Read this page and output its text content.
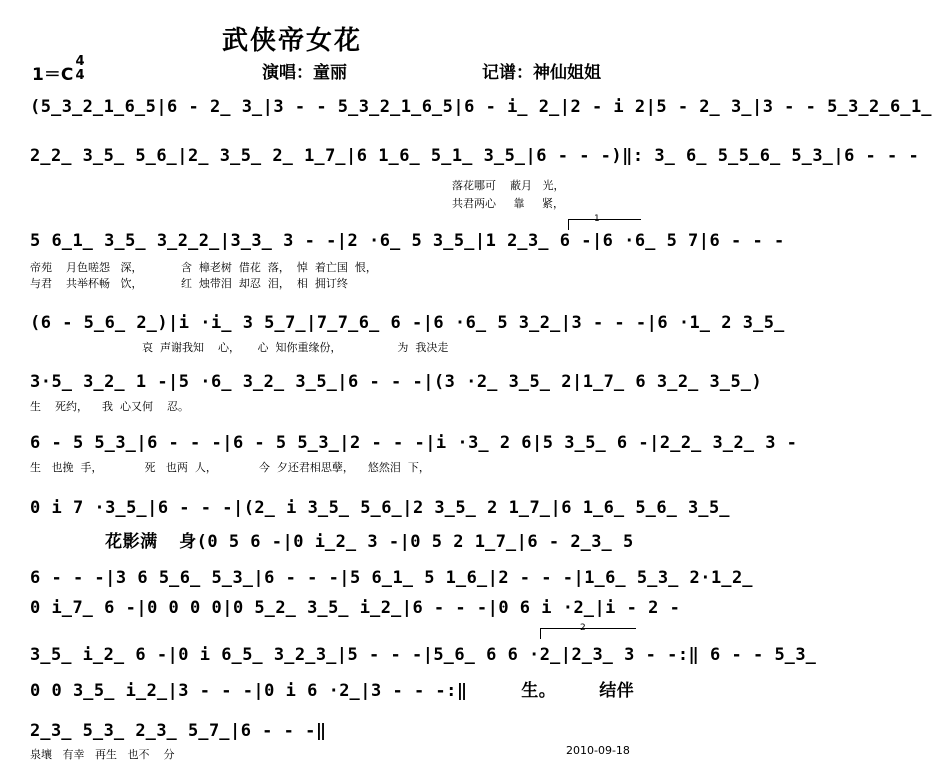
武侠帝女花
演唱：童丽	记谱：神仙姐姐
1＝C
4
4
(5̲3̲2̲1̲6̲5|6 - 2̲ 3̲|3 - - 5̲3̲2̲1̲6̲5|6 - i̲ 2̲|2 - i 2|5 - 2̲ 3̲|3 - - 5̲3̲2̲6̲1̲
2̲2̲ 3̲5̲ 5̲6̲|2̲ 3̲5̲ 2̲ 1̲7̲|6 1̲6̲ 5̲1̲ 3̲5̲|6 - - -)‖: 3̲ 6̲ 5̲5̲6̲ 5̲3̲|6 - - -
落花哪可    蔽月   光，
共君两心     靠     紧，
1
5 6̲1̲ 3̲5̲ 3̲2̲2̲|3̲3̲ 3 - -|2 ·6̲ 5 3̲5̲|1 2̲3̲ 6 -|6 ·6̲ 5 7|6 - - -
帝苑    月色嗟怨   深，           含  樟老树  借花  落，  悼  着亡国  恨，
与君    共举杯畅   饮，           红  烛带泪  却忍  泪，  相  拥订终
(6 - 5̲6̲ 2̲)|i ·i̲ 3 5̲7̲|7̲7̲6̲ 6 -|6 ·6̲ 5 3̲2̲|3 - - -|6 ·1̲ 2 3̲5̲
哀  声谢我知    心，     心  知你重缘份，                为  我决走
3·5̲ 3̲2̲ 1 -|5 ·6̲ 3̲2̲ 3̲5̲|6 - - -|(3 ·2̲ 3̲5̲ 2|1̲7̲ 6 3̲2̲ 3̲5̲)
生    死约，    我  心又何    忍。
6 - 5 5̲3̲|6 - - -|6 - 5 5̲3̲|2 - - -|i ·3̲ 2 6|5 3̲5̲ 6 -|2̲2̲ 3̲2̲ 3 -
生   也挽  手，            死   也两  人，            今  夕还君相思孽，    悠然泪  下，
0 i 7 ·3̲5̲|6 - - -|(2̲ i 3̲5̲ 5̲6̲|2 3̲5̲ 2 1̲7̲|6 1̲6̲ 5̲6̲ 3̲5̲
花影满  身(0 5 6 -|0 i̲2̲ 3 -|0 5 2 1̲7̲|6 - 2̲3̲ 5
6 - - -|3 6 5̲6̲ 5̲3̲|6 - - -|5 6̲1̲ 5 1̲6̲|2 - - -|1̲6̲ 5̲3̲ 2·1̲2̲
0 i̲7̲ 6 -|0 0 0 0|0 5̲2̲ 3̲5̲ i̲2̲|6 - - -|0 6 i ·2̲|i - 2 -
2
3̲5̲ i̲2̲ 6 -|0 i 6̲5̲ 3̲2̲3̲|5 - - -|5̲6̲ 6 6 ·2̲|2̲3̲ 3 - -:‖ 6 - - 5̲3̲
0 0 3̲5̲ i̲2̲|3 - - -|0 i 6 ·2̲|3 - - -:‖     生。    结伴
2̲3̲ 5̲3̲ 2̲3̲ 5̲7̲|6 - - -‖
泉壤   有幸   再生   也不    分	2010-09-18
